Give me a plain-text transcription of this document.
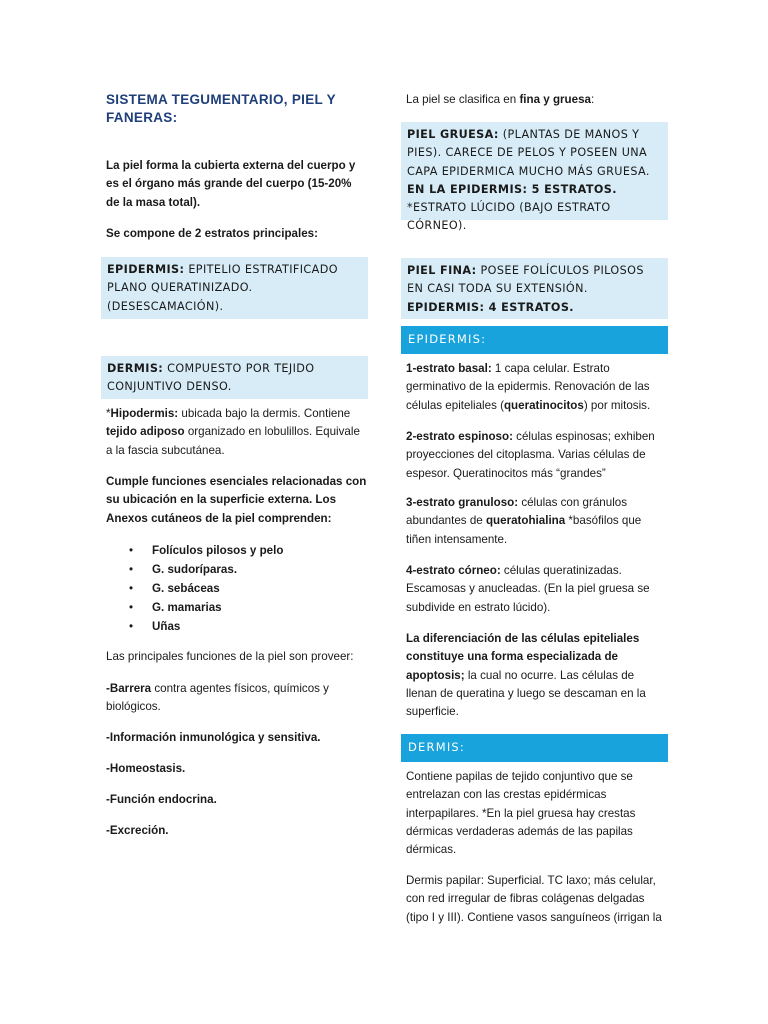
SISTEMA TEGUMENTARIO, PIEL Y FANERAS:
La piel forma la cubierta externa del cuerpo y es el órgano más grande del cuerpo (15-20% de la masa total).
Se compone de 2 estratos principales:
EPIDERMIS: EPITELIO ESTRATIFICADO PLANO QUERATINIZADO. (DESESCAMACIÓN).
DERMIS: COMPUESTO POR TEJIDO CONJUNTIVO DENSO.
*Hipodermis: ubicada bajo la dermis. Contiene tejido adiposo organizado en lobulillos. Equivale a la fascia subcutánea.
Cumple funciones esenciales relacionadas con su ubicación en la superficie externa. Los Anexos cutáneos de la piel comprenden:
• Folículos pilosos y pelo
• G. sudoríparas.
• G. sebáceas
• G. mamarias
• Uñas
Las principales funciones de la piel son proveer:
-Barrera contra agentes físicos, químicos y biológicos.
-Información inmunológica y sensitiva.
-Homeostasis.
-Función endocrina.
-Excreción.
La piel se clasifica en fina y gruesa:
PIEL GRUESA: (PLANTAS DE MANOS Y PIES). CARECE DE PELOS Y POSEEN UNA CAPA EPIDERMICA MUCHO MÁS GRUESA. EN LA EPIDERMIS: 5 ESTRATOS. *ESTRATO LÚCIDO (BAJO ESTRATO CÓRNEO).
PIEL FINA: POSEE FOLÍCULOS PILOSOS EN CASI TODA SU EXTENSIÓN. EPIDERMIS: 4 ESTRATOS.
EPIDERMIS:
1-estrato basal: 1 capa celular. Estrato germinativo de la epidermis. Renovación de las células epiteliales (queratinocitos) por mitosis.
2-estrato espinoso: células espinosas; exhiben proyecciones del citoplasma. Varias células de espesor. Queratinocitos más “grandes”
3-estrato granuloso: células con gránulos abundantes de queratohialina *basófilos que tiñen intensamente.
4-estrato córneo: células queratinizadas. Escamosas y anucleadas. (En la piel gruesa se subdivide en estrato lúcido).
La diferenciación de las células epiteliales constituye una forma especializada de apoptosis; la cual no ocurre. Las células de llenan de queratina y luego se descaman en la superficie.
DERMIS:
Contiene papilas de tejido conjuntivo que se entrelazan con las crestas epidérmicas interpapilares. *En la piel gruesa hay crestas dérmicas verdaderas además de las papilas dérmicas.
Dermis papilar: Superficial. TC laxo; más celular, con red irregular de fibras colágenas delgadas (tipo I y III). Contiene vasos sanguíneos (irrigan la
